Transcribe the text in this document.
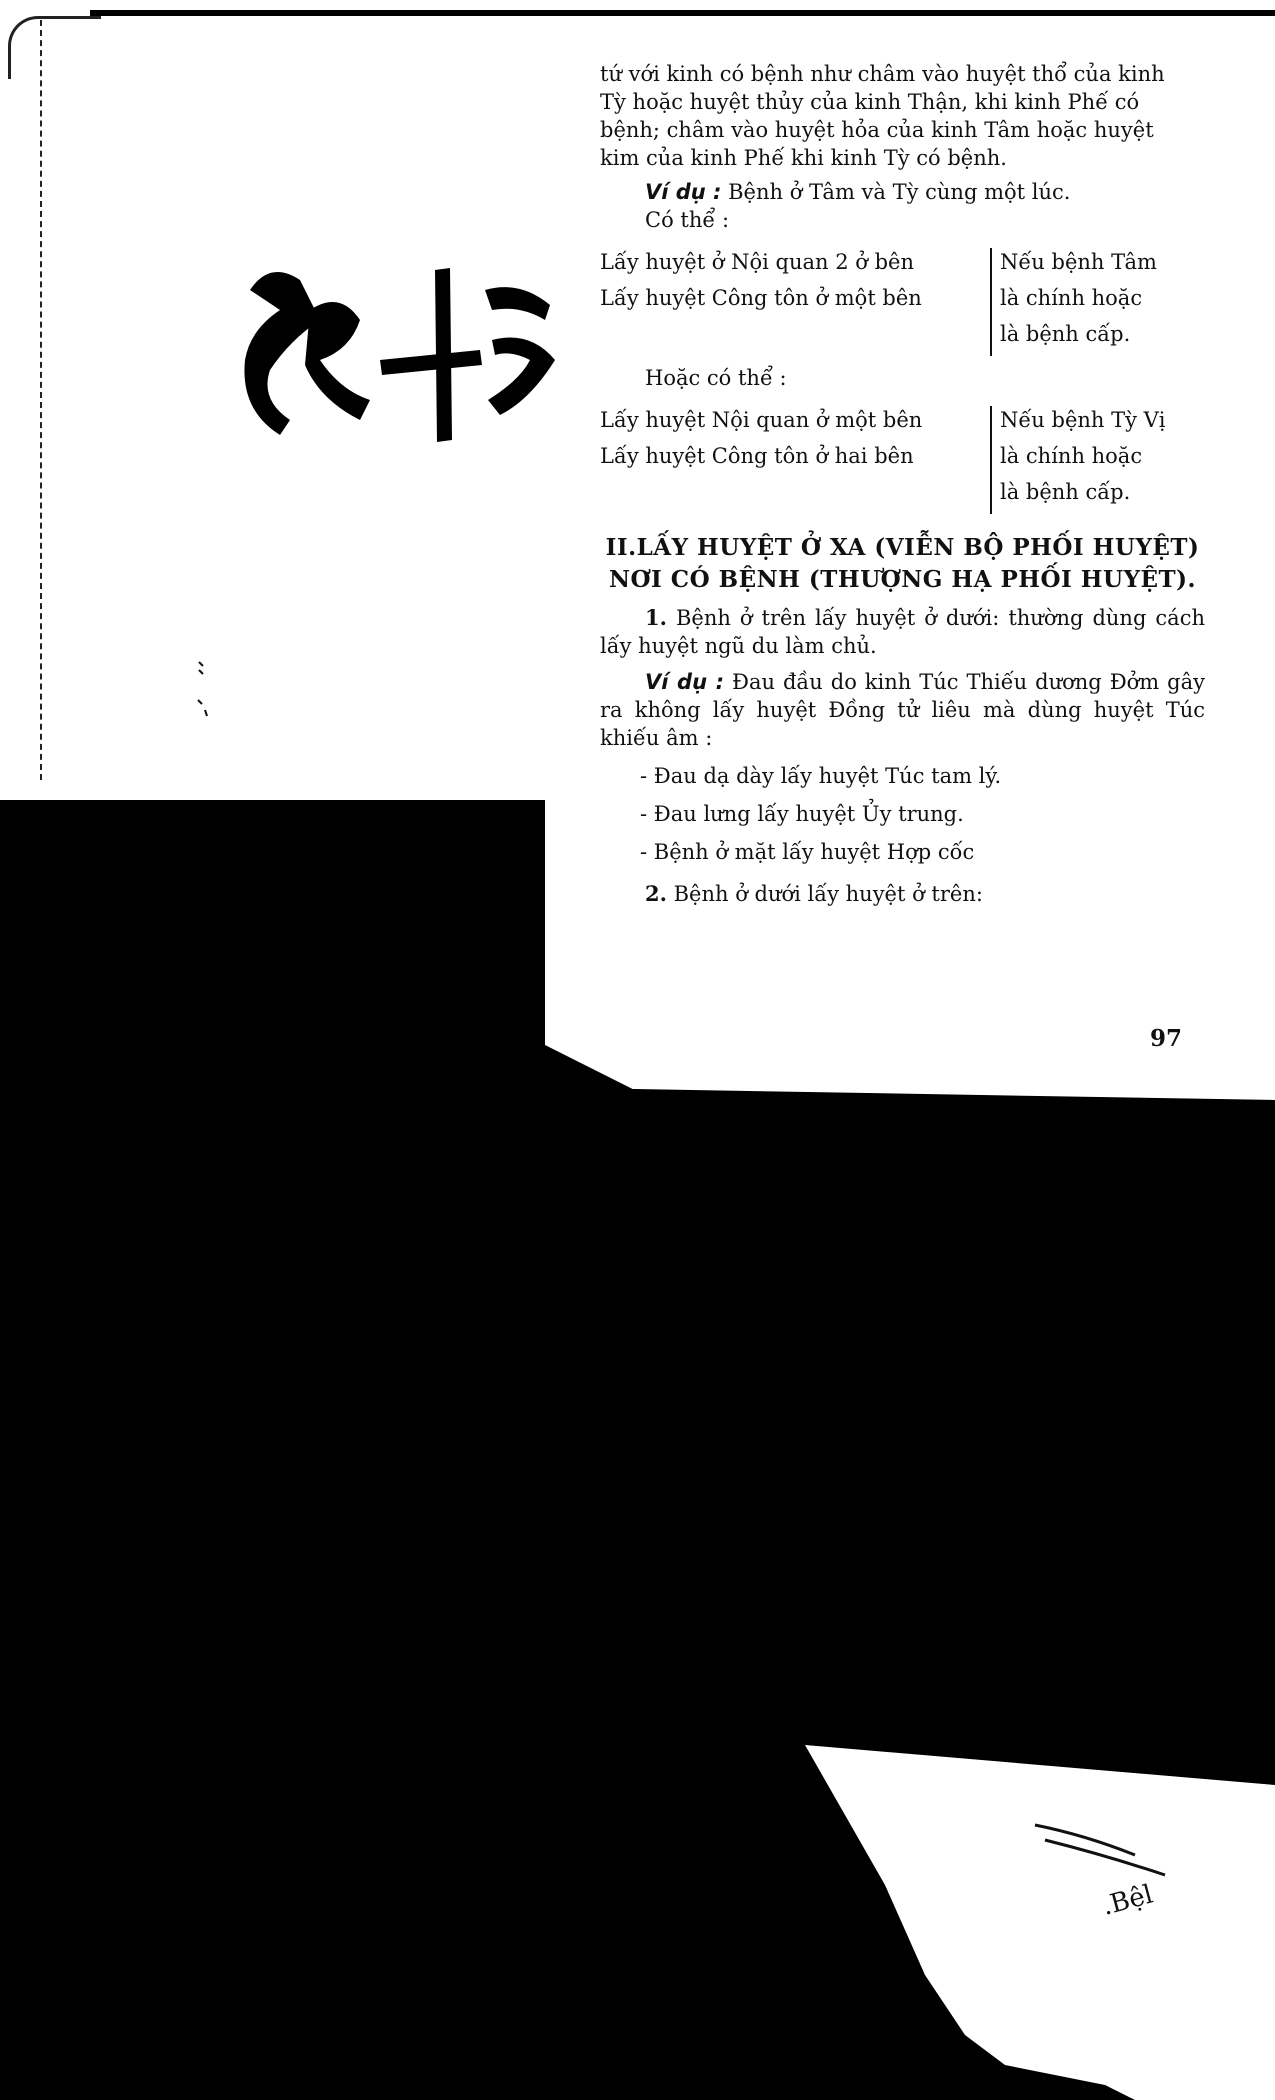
.Bệl

tứ với kinh có bệnh như châm vào huyệt thổ của kinh

Tỳ hoặc huyệt thủy của kinh Thận, khi kinh Phế có

bệnh; châm vào huyệt hỏa của kinh Tâm hoặc huyệt

kim của kinh Phế khi kinh Tỳ có bệnh.

Ví dụ : Bệnh ở Tâm và Tỳ cùng một lúc.

Có thể :

Lấy huyệt ở Nội quan 2 ở bên
Lấy huyệt Công tôn ở một bên
Nếu bệnh Tâm
là chính hoặc
là bệnh cấp.

Hoặc có thể :

Lấy huyệt Nội quan ở một bên
Lấy huyệt Công tôn ở hai bên
Nếu bệnh Tỳ Vị
là chính hoặc
là bệnh cấp.
II.LẤY HUYỆT Ở XA (VIỄN BỘ PHỐI HUYỆT)
NƠI CÓ BỆNH (THƯỢNG HẠ PHỐI HUYỆT).

1. Bệnh ở trên lấy huyệt ở dưới: thường dùng cách lấy huyệt ngũ du làm chủ.

Ví dụ : Đau đầu do kinh Túc Thiếu dương Đởm gây ra không lấy huyệt Đồng tử liêu mà dùng huyệt Túc khiếu âm :

- Đau dạ dày lấy huyệt Túc tam lý.
- Đau lưng lấy huyệt Ủy trung.
- Bệnh ở mặt lấy huyệt Hợp cốc

2. Bệnh ở dưới lấy huyệt ở trên:

97
